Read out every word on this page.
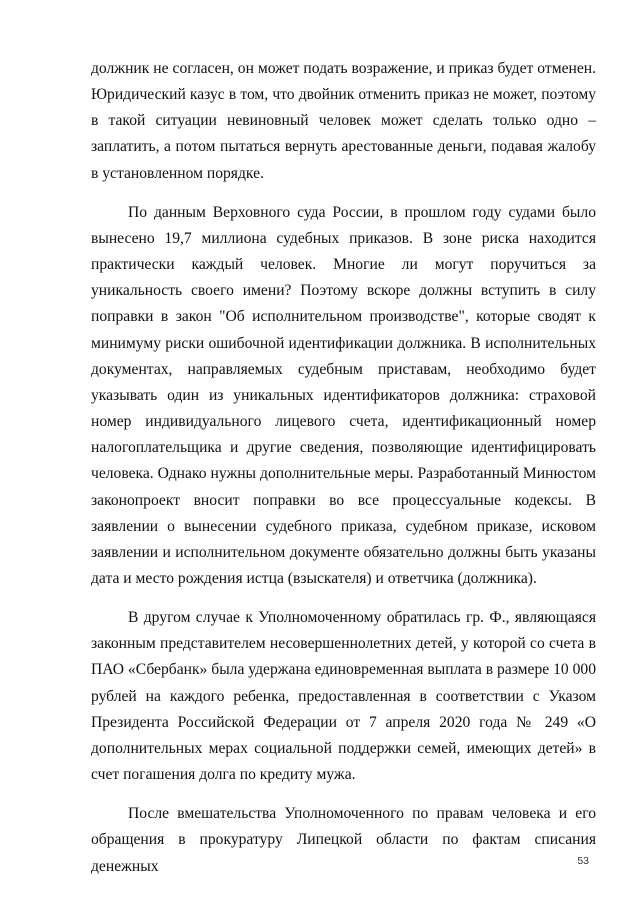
должник не согласен, он может подать возражение, и приказ будет отменен. Юридический казус в том, что двойник отменить приказ не может, поэтому в такой ситуации невиновный человек может сделать только одно – заплатить, а потом пытаться вернуть арестованные деньги, подавая жалобу в установленном порядке.

По данным Верховного суда России, в прошлом году судами было вынесено 19,7 миллиона судебных приказов. В зоне риска находится практически каждый человек. Многие ли могут поручиться за уникальность своего имени? Поэтому вскоре должны вступить в силу поправки в закон "Об исполнительном производстве", которые сводят к минимуму риски ошибочной идентификации должника. В исполнительных документах, направляемых судебным приставам, необходимо будет указывать один из уникальных идентификаторов должника: страховой номер индивидуального лицевого счета, идентификационный номер налогоплательщика и другие сведения, позволяющие идентифицировать человека. Однако нужны дополнительные меры. Разработанный Минюстом законопроект вносит поправки во все процессуальные кодексы. В заявлении о вынесении судебного приказа, судебном приказе, исковом заявлении и исполнительном документе обязательно должны быть указаны дата и место рождения истца (взыскателя) и ответчика (должника).

В другом случае к Уполномоченному обратилась гр. Ф., являющаяся законным представителем несовершеннолетних детей, у которой со счета в ПАО «Сбербанк» была удержана единовременная выплата в размере 10 000 рублей на каждого ребенка, предоставленная в соответствии с Указом Президента Российской Федерации от 7 апреля 2020 года № 249 «О дополнительных мерах социальной поддержки семей, имеющих детей» в счет погашения долга по кредиту мужа.

После вмешательства Уполномоченного по правам человека и его обращения в прокуратуру Липецкой области по фактам списания денежных	53
